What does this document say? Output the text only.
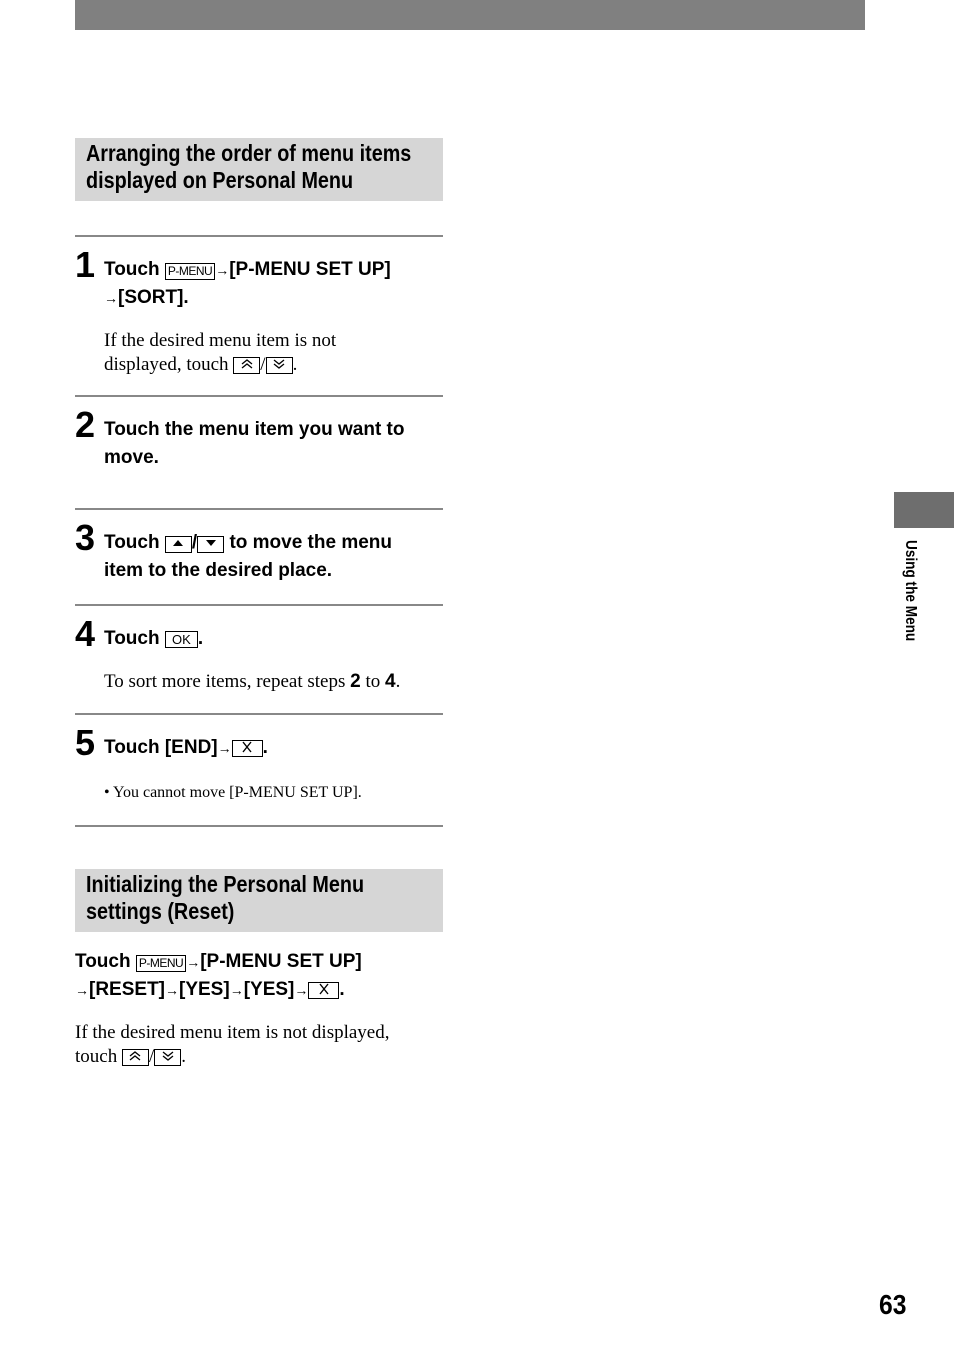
Arranging the order of menu items
displayed on Personal Menu
1 Touch P-MENU →[P-MENU SET UP]
→[SORT].
If the desired menu item is not
displayed, touch / .
2 Touch the menu item you want to move.
3 Touch / to move the menu
item to the desired place.
4 Touch OK .
To sort more items, repeat steps 2 to 4.
5 Touch [END]→ .
• You cannot move [P-MENU SET UP].
Initializing the Personal Menu
settings (Reset)
Touch P-MENU →[P-MENU SET UP]
→[RESET]→[YES]→[YES]→ .
If the desired menu item is not displayed,
touch / .
Using the Menu
63
